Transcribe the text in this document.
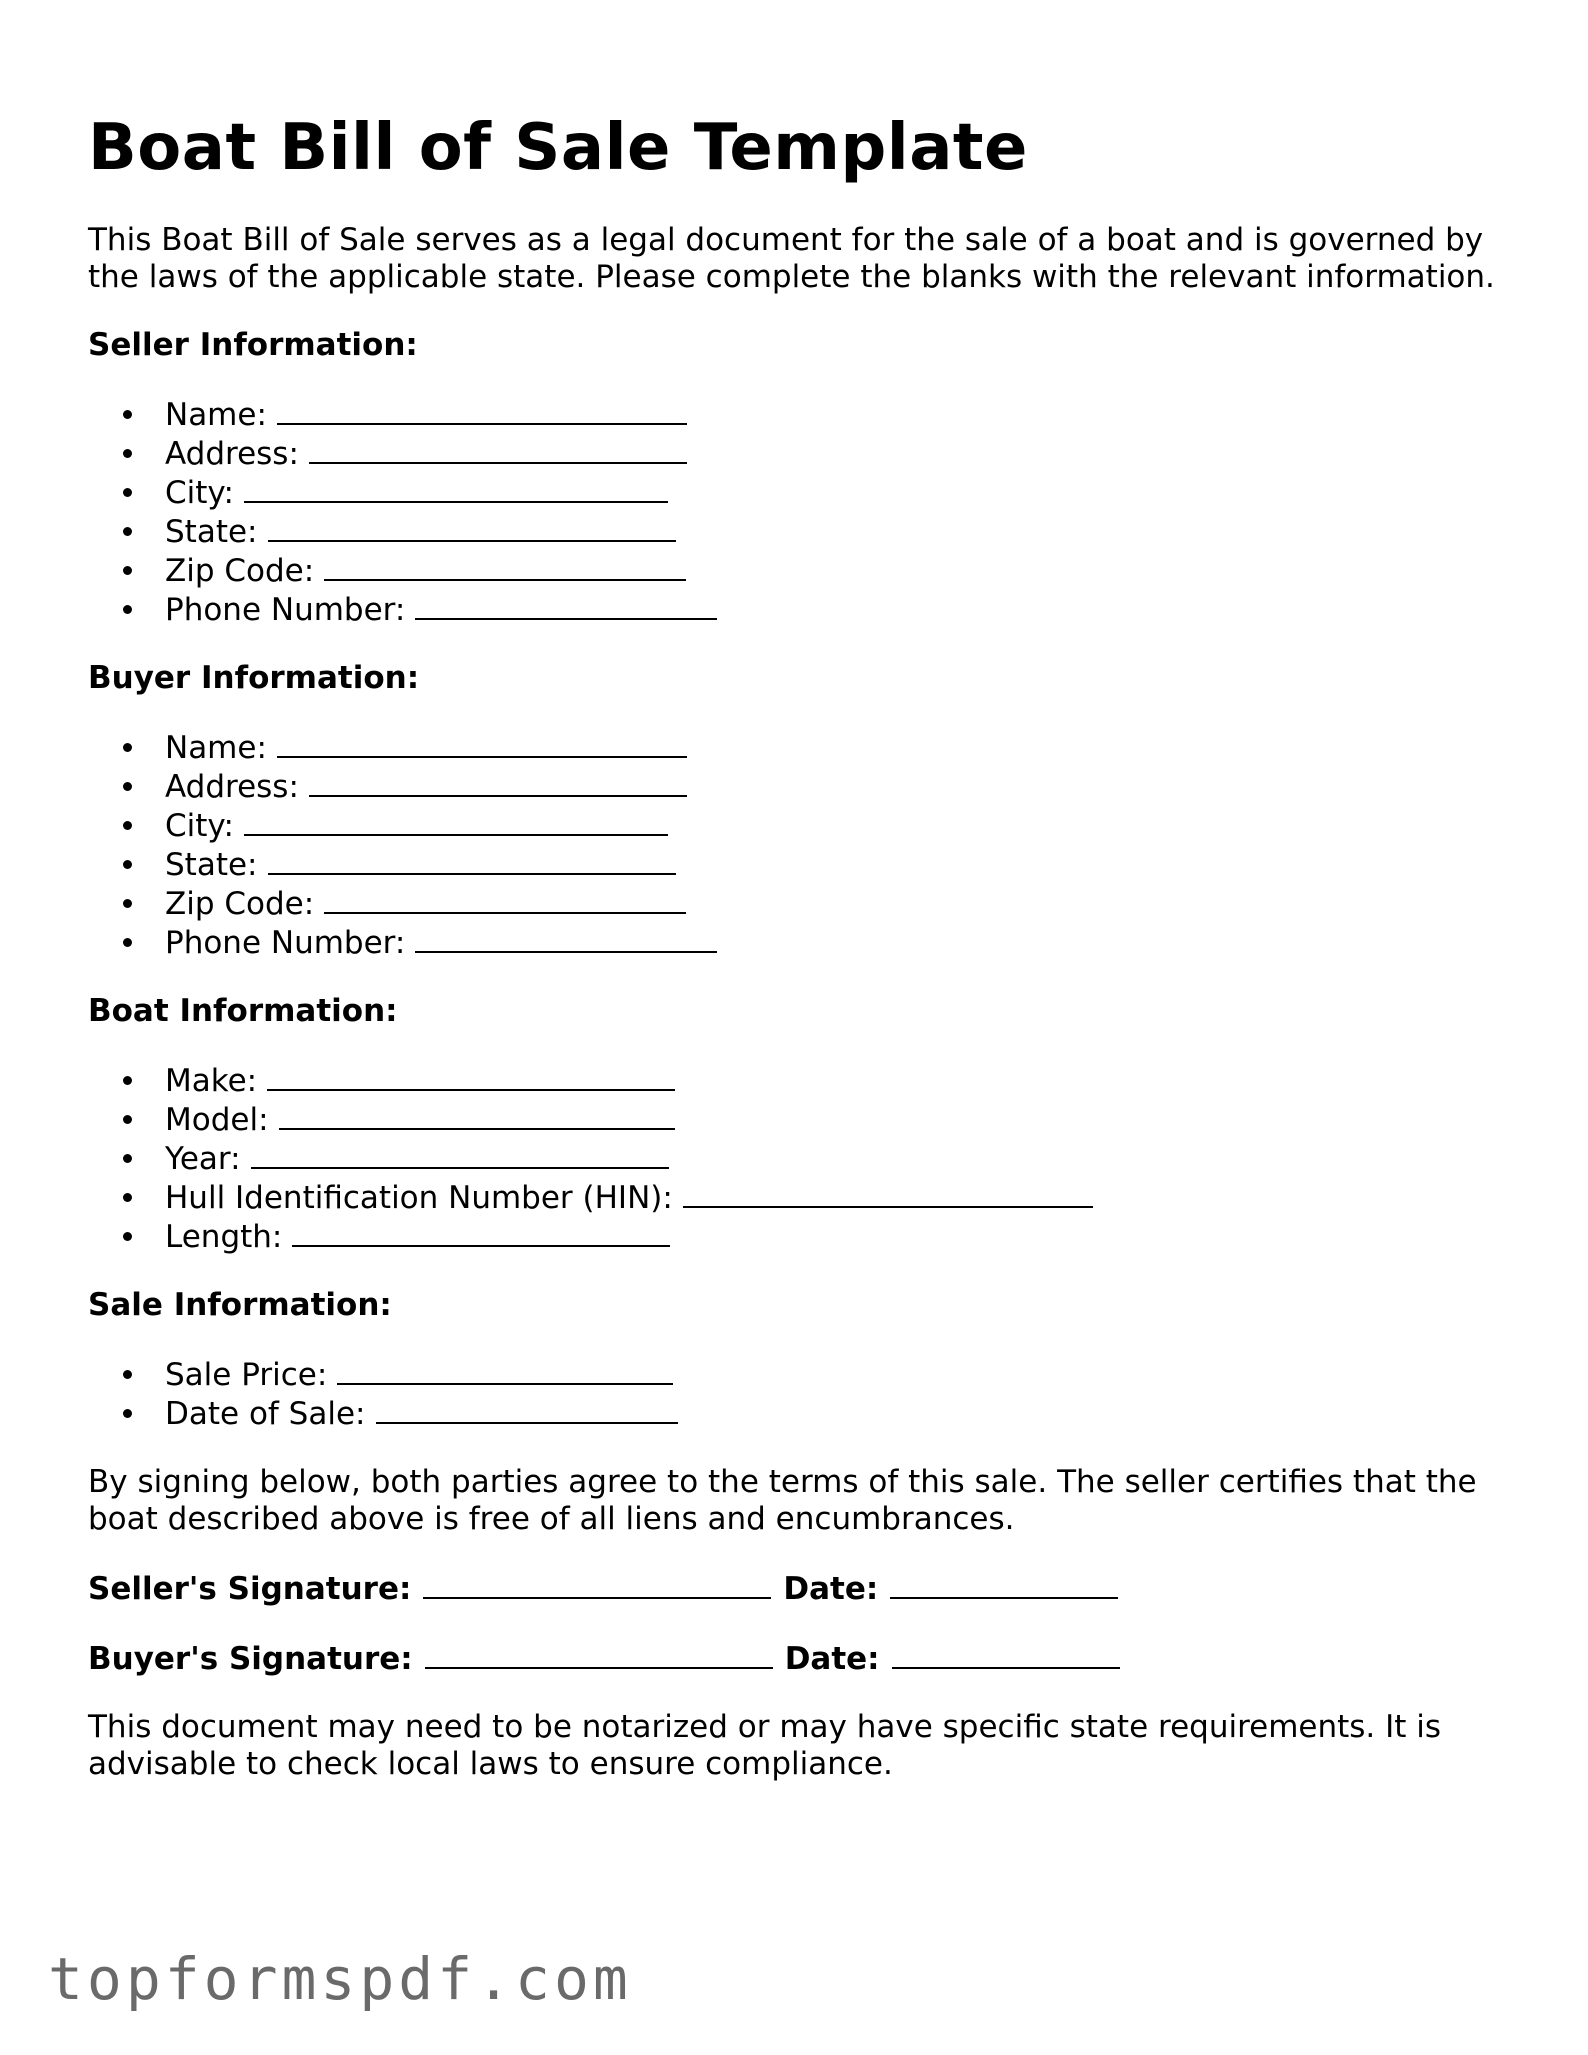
Boat Bill of Sale Template

This Boat Bill of Sale serves as a legal document for the sale of a boat and is governed by the laws of the applicable state. Please complete the blanks with the relevant information.

Seller Information:
Name:
Address:
City:
State:
Zip Code:
Phone Number:
Buyer Information:
Name:
Address:
City:
State:
Zip Code:
Phone Number:
Boat Information:
Make:
Model:
Year:
Hull Identification Number (HIN):
Length:
Sale Information:
Sale Price:
Date of Sale:

By signing below, both parties agree to the terms of this sale. The seller certifies that the boat described above is free of all liens and encumbrances.

Seller's Signature:	Date:
Buyer's Signature:	Date:

This document may need to be notarized or may have specific state requirements. It is advisable to check local laws to ensure compliance.

topformspdf.com
